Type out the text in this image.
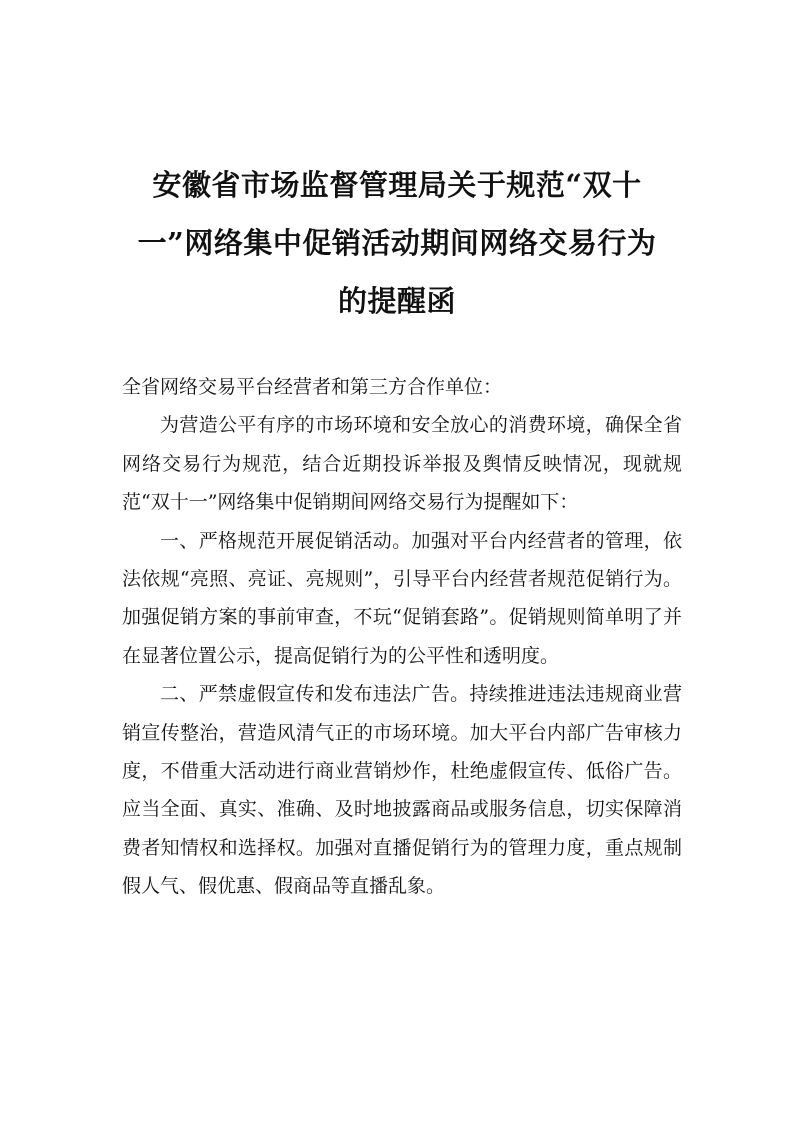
安徽省市场监督管理局关于规范“双十
一”网络集中促销活动期间网络交易行为
的提醒函

全省网络交易平台经营者和第三方合作单位：

为营造公平有序的市场环境和安全放心的消费环境，确保全省网络交易行为规范，结合近期投诉举报及舆情反映情况，现就规范“双十一”网络集中促销期间网络交易行为提醒如下：

一、严格规范开展促销活动。加强对平台内经营者的管理，依法依规“亮照、亮证、亮规则”，引导平台内经营者规范促销行为。加强促销方案的事前审查，不玩“促销套路”。促销规则简单明了并在显著位置公示，提高促销行为的公平性和透明度。

二、严禁虚假宣传和发布违法广告。持续推进违法违规商业营销宣传整治，营造风清气正的市场环境。加大平台内部广告审核力度，不借重大活动进行商业营销炒作，杜绝虚假宣传、低俗广告。应当全面、真实、准确、及时地披露商品或服务信息，切实保障消费者知情权和选择权。加强对直播促销行为的管理力度，重点规制假人气、假优惠、假商品等直播乱象。
